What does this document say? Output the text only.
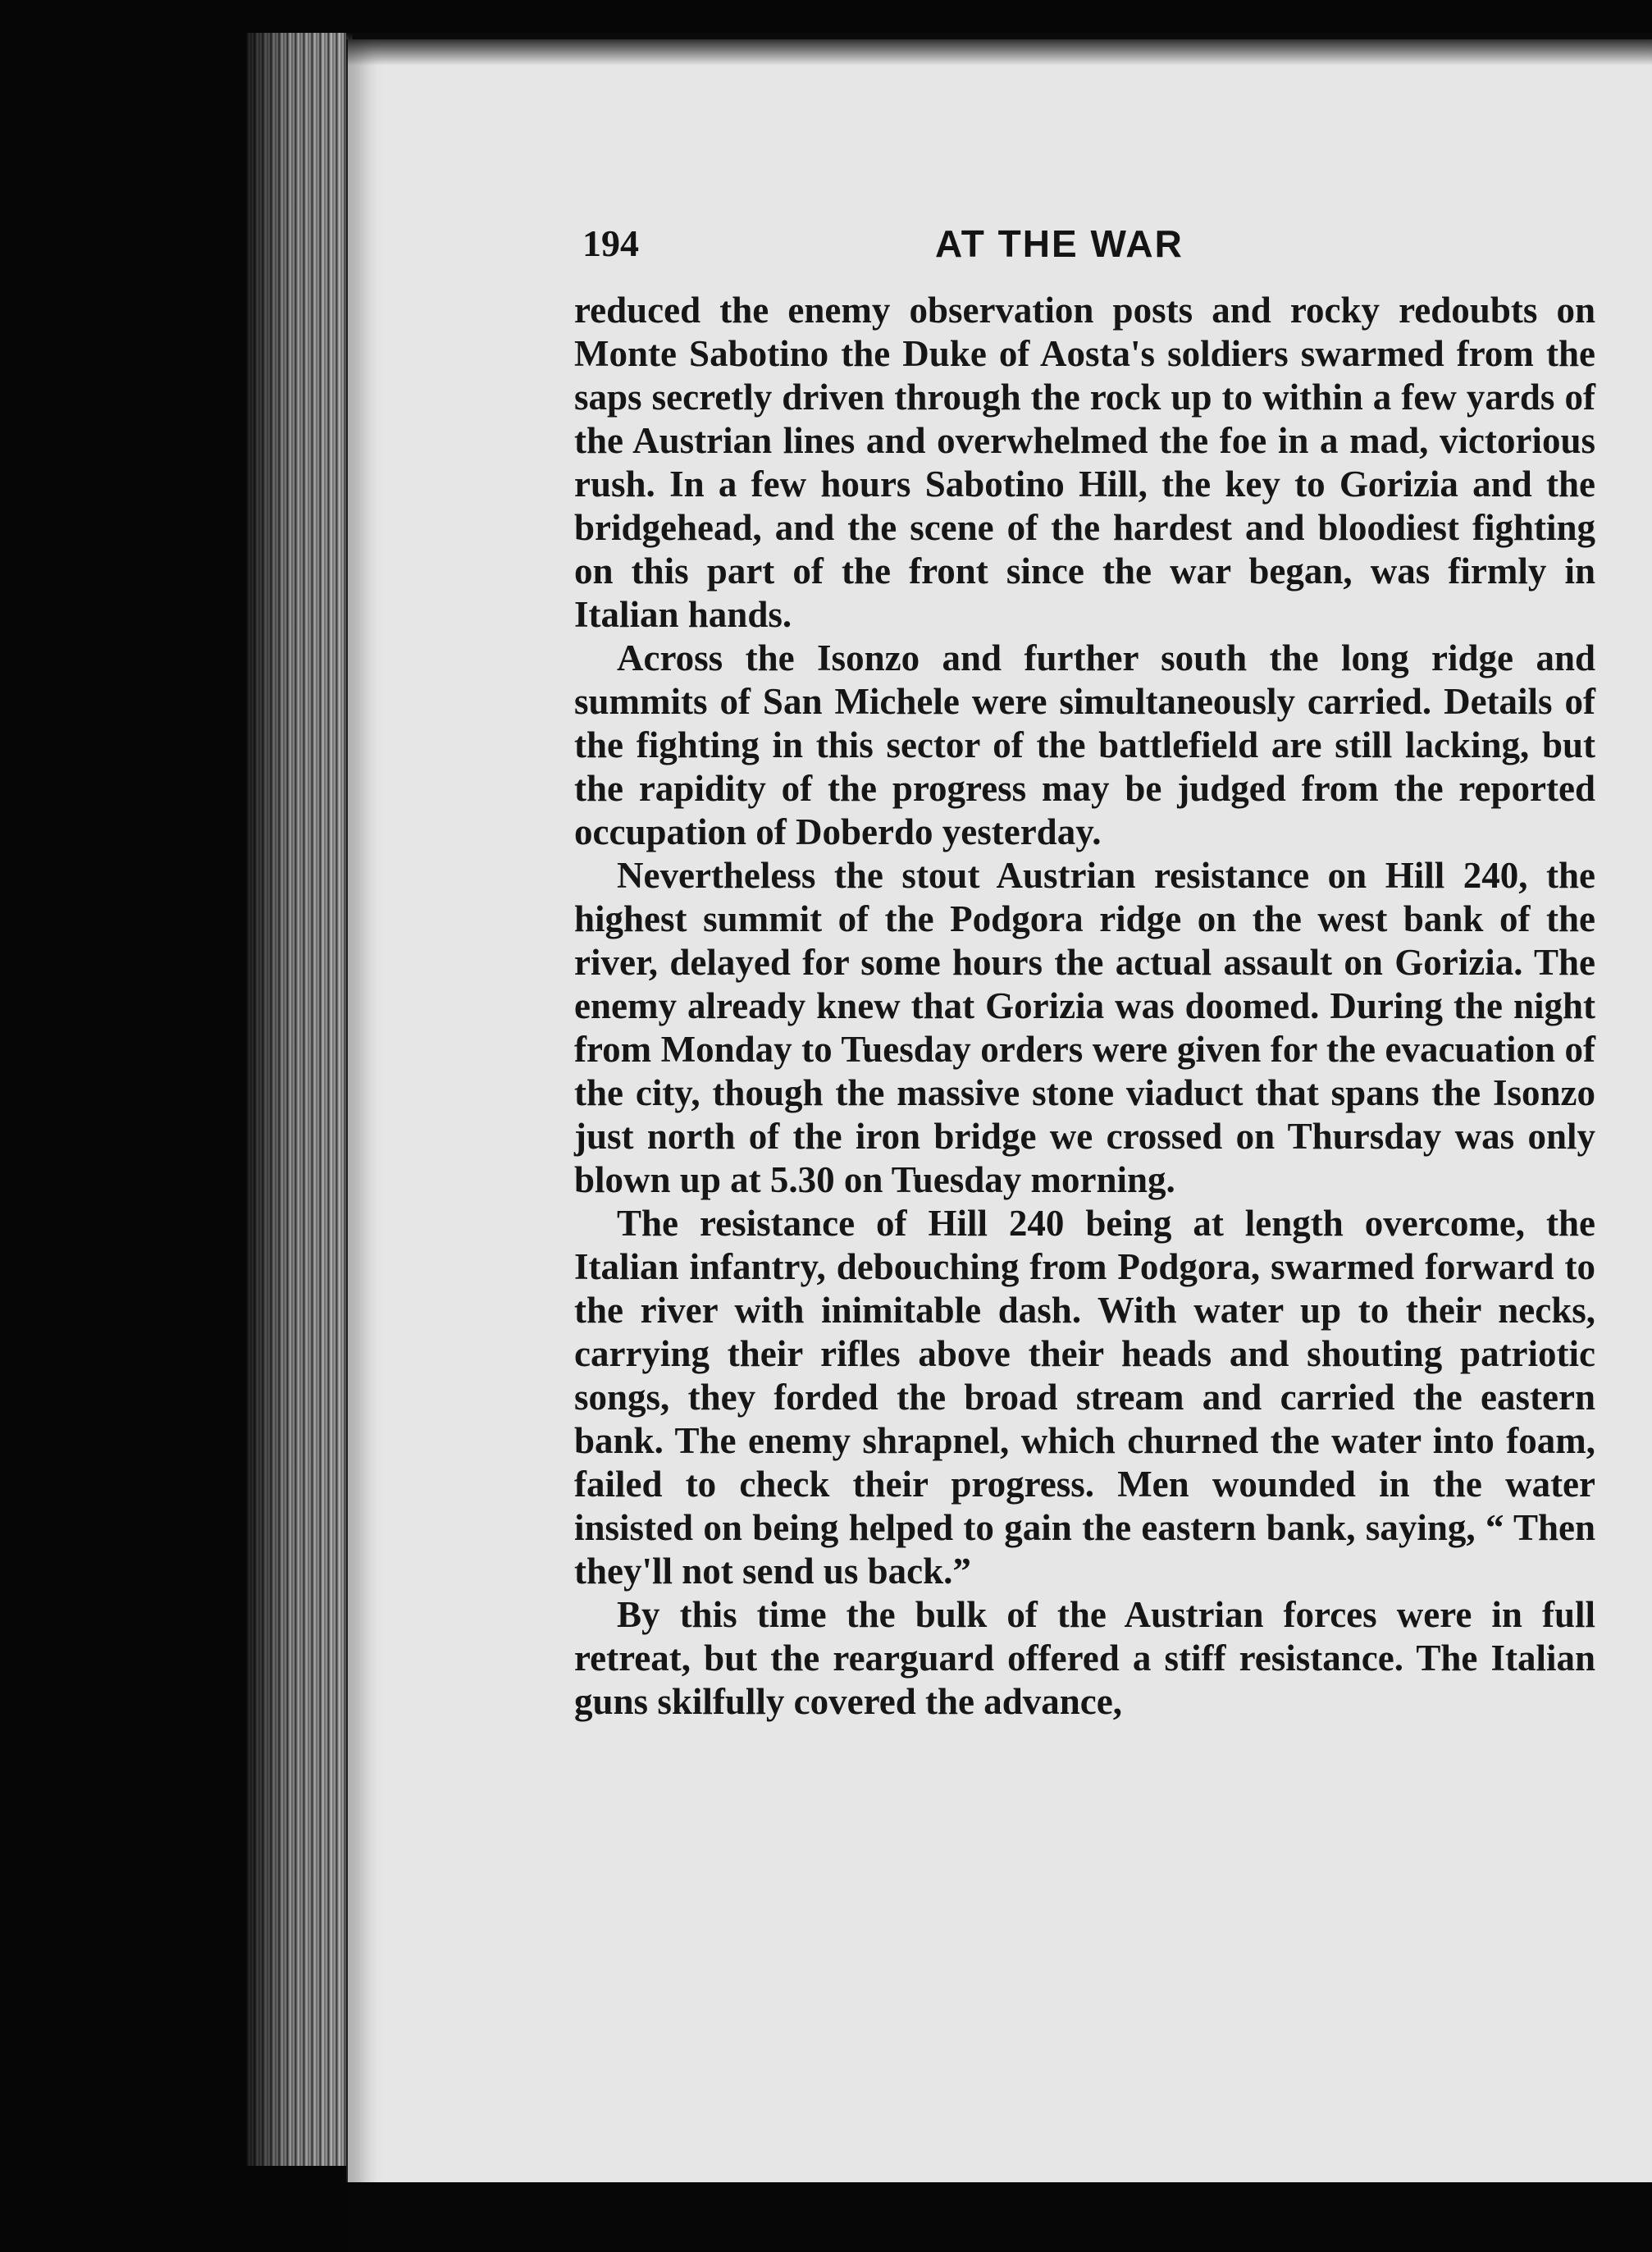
194	AT THE WAR

reduced the enemy observation posts and rocky redoubts on Monte Sabotino the Duke of Aosta's soldiers swarmed from the saps secretly driven through the rock up to within a few yards of the Austrian lines and overwhelmed the foe in a mad, victorious rush. In a few hours Sabotino Hill, the key to Gorizia and the bridgehead, and the scene of the hardest and bloodiest fighting on this part of the front since the war began, was firmly in Italian hands.

Across the Isonzo and further south the long ridge and summits of San Michele were simultaneously carried. Details of the fighting in this sector of the battlefield are still lacking, but the rapidity of the progress may be judged from the reported occupation of Doberdo yesterday.

Nevertheless the stout Austrian resistance on Hill 240, the highest summit of the Podgora ridge on the west bank of the river, delayed for some hours the actual assault on Gorizia. The enemy already knew that Gorizia was doomed. During the night from Monday to Tuesday orders were given for the evacuation of the city, though the massive stone viaduct that spans the Isonzo just north of the iron bridge we crossed on Thursday was only blown up at 5.30 on Tuesday morning.

The resistance of Hill 240 being at length overcome, the Italian infantry, debouching from Podgora, swarmed forward to the river with inimitable dash. With water up to their necks, carrying their rifles above their heads and shouting patriotic songs, they forded the broad stream and carried the eastern bank. The enemy shrapnel, which churned the water into foam, failed to check their progress. Men wounded in the water insisted on being helped to gain the eastern bank, saying, “ Then they'll not send us back.”

By this time the bulk of the Austrian forces were in full retreat, but the rearguard offered a stiff resistance. The Italian guns skilfully covered the advance,
